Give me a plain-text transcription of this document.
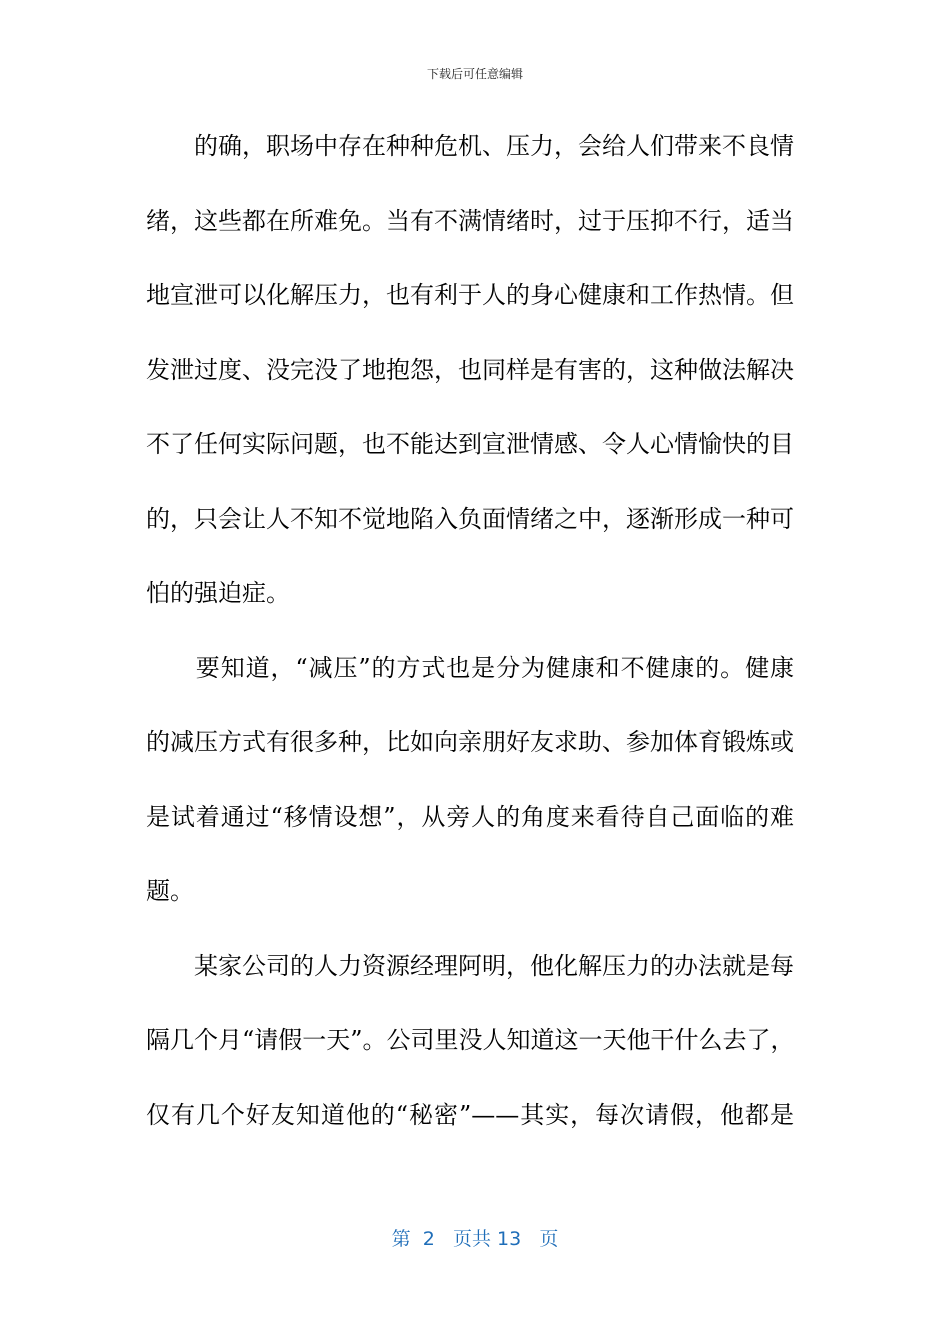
下载后可任意编辑
　　的确，职场中存在种种危机、压力，会给人们带来不良情
绪，这些都在所难免。当有不满情绪时，过于压抑不行，适当
地宣泄可以化解压力，也有利于人的身心健康和工作热情。但
发泄过度、没完没了地抱怨，也同样是有害的，这种做法解决
不了任何实际问题，也不能达到宣泄情感、令人心情愉快的目
的，只会让人不知不觉地陷入负面情绪之中，逐渐形成一种可
怕的强迫症。
　　要知道，“减压”的方式也是分为健康和不健康的。健康
的减压方式有很多种，比如向亲朋好友求助、参加体育锻炼或
是试着通过“移情设想”，从旁人的角度来看待自己面临的难
题。
　　某家公司的人力资源经理阿明，他化解压力的办法就是每
隔几个月“请假一天”。公司里没人知道这一天他干什么去了，
仅有几个好友知道他的“秘密”——其实，每次请假，他都是
第
2
页共
13
页
